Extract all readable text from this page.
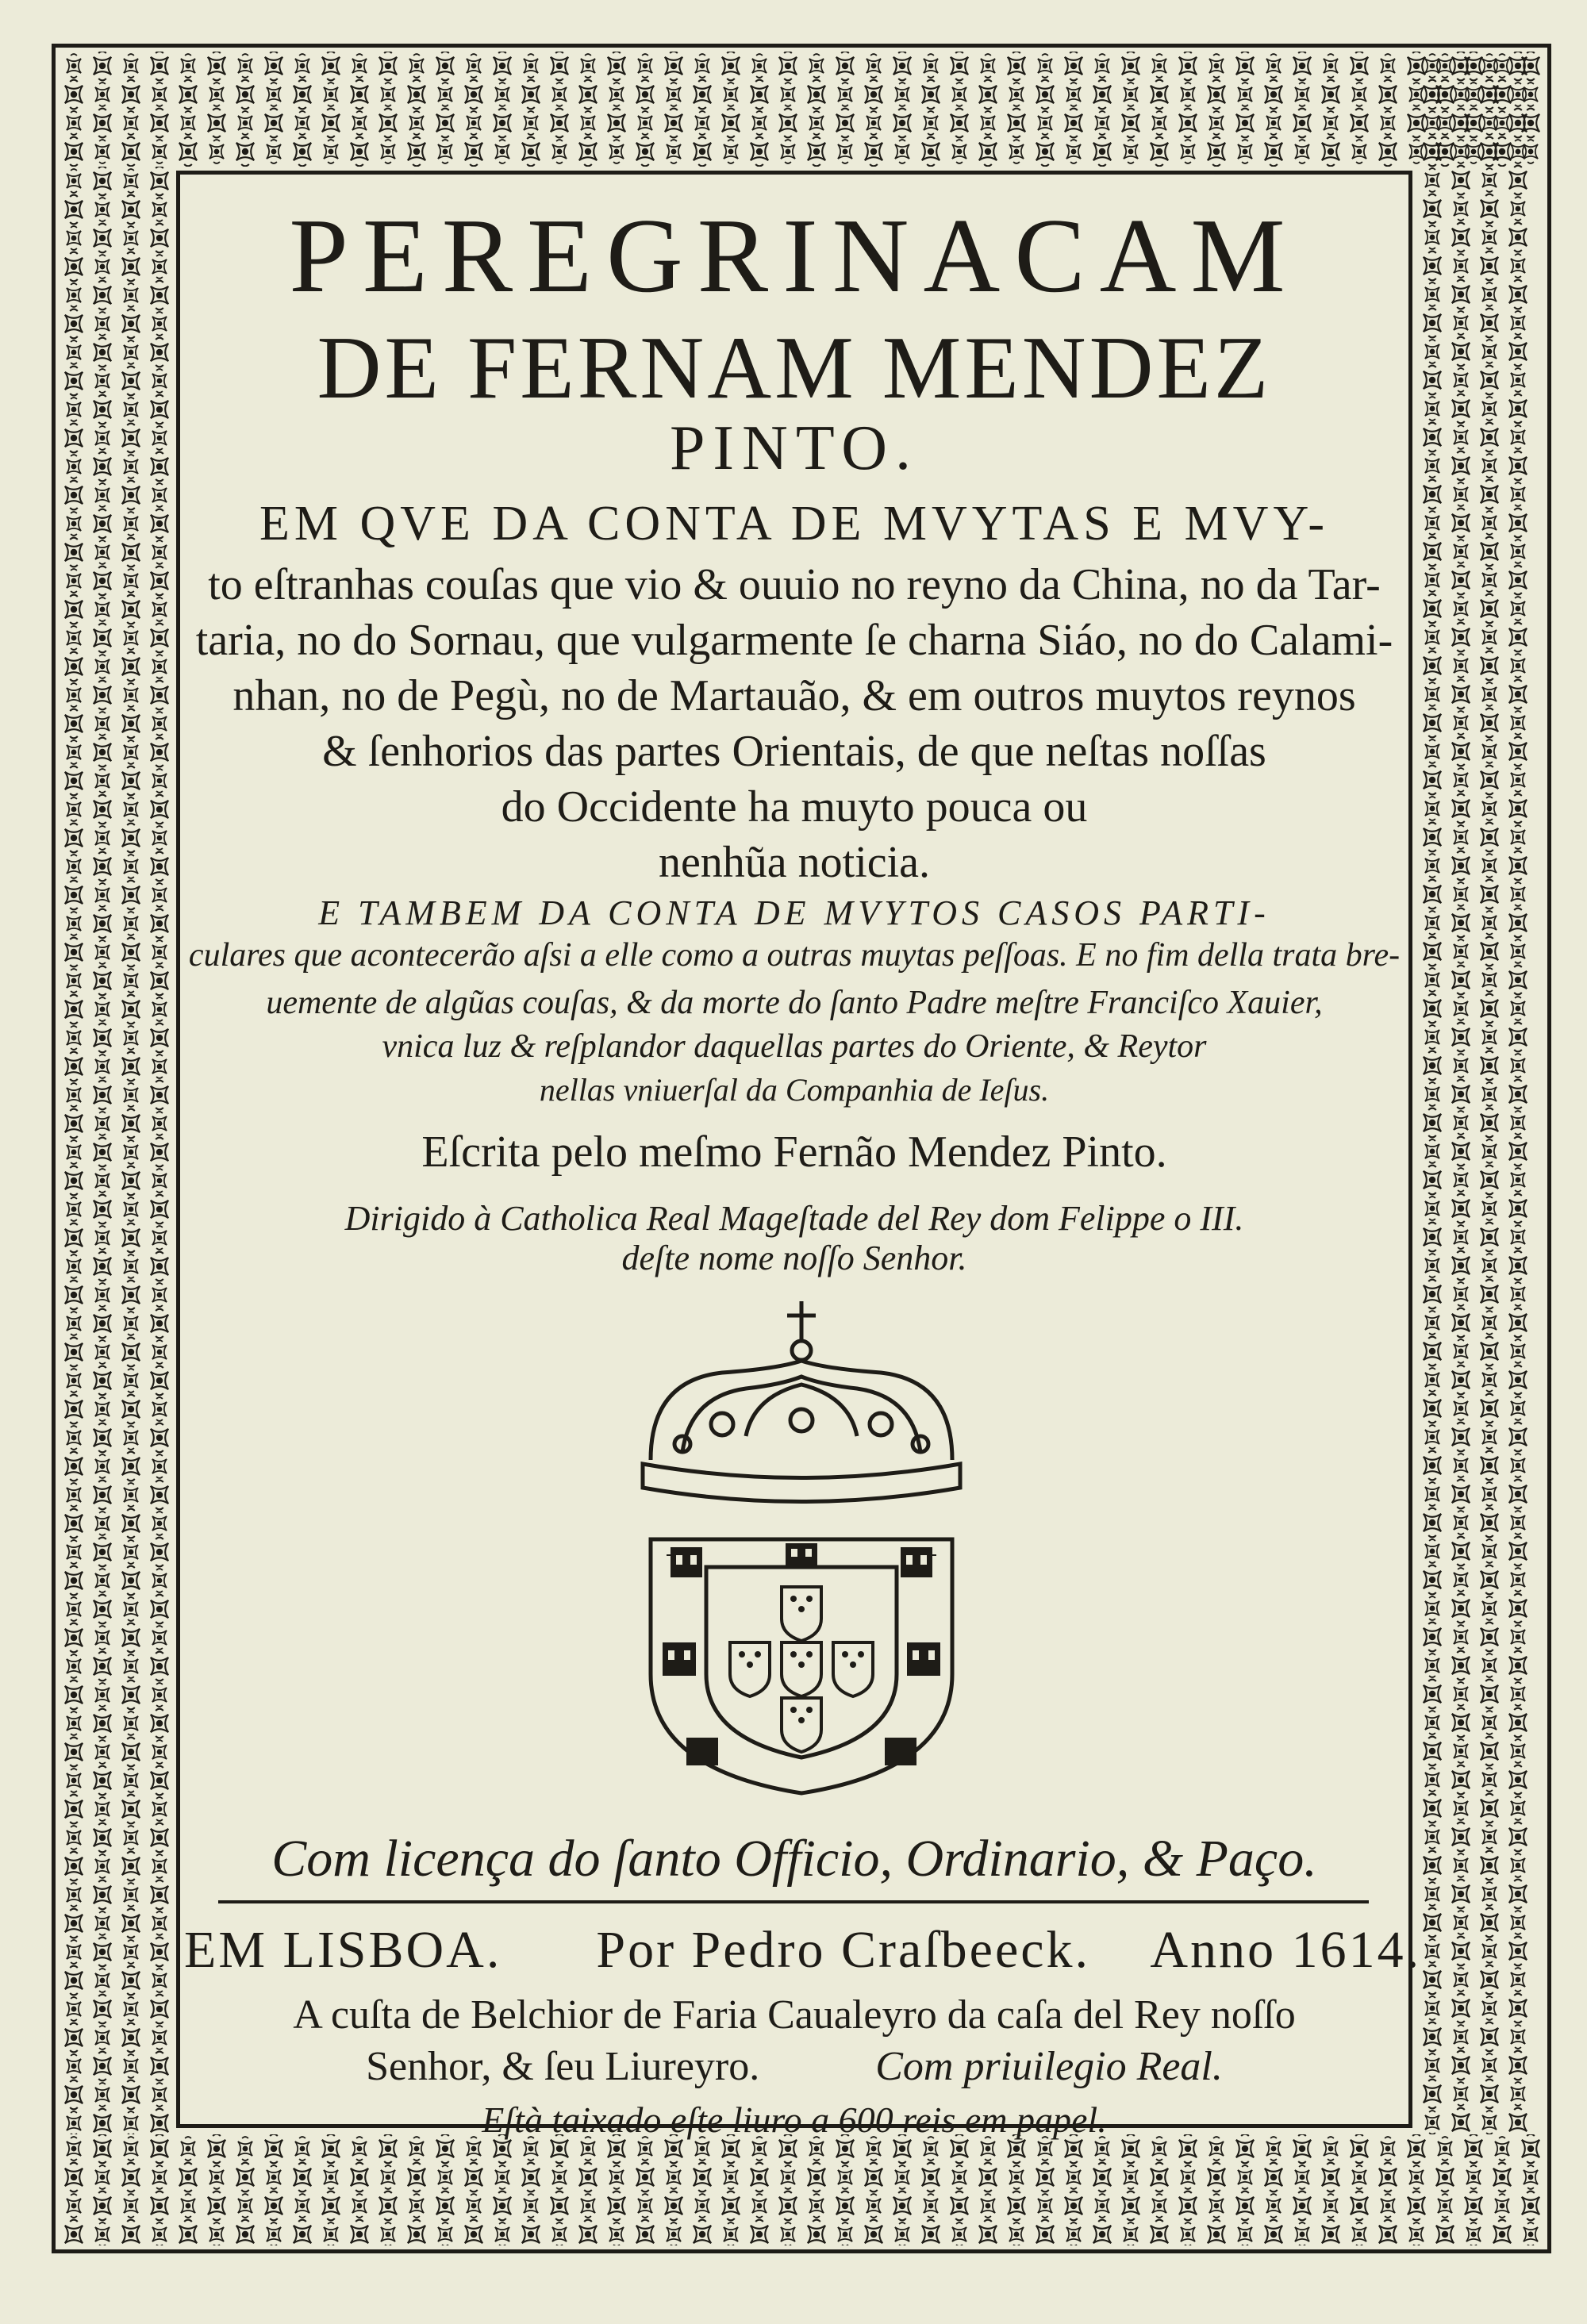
PEREGRINACAM
DE FERNAM MENDEZ
PINTO.
EM QVE DA CONTA DE MVYTAS E MVY-
to eſtranhas couſas que vio & ouuio no reyno da China, no da Tar-
taria, no do Sornau, que vulgarmente ſe charna Siáo, no do Calami-
nhan, no de Pegù, no de Martauão, & em outros muytos reynos
& ſenhorios das partes Orientais, de que neſtas noſſas
do Occidente ha muyto pouca ou
nenhũa noticia.
E TAMBEM DA CONTA DE MVYTOS CASOS PARTI-
culares que acontecerão aſsi a elle como a outras muytas peſſoas. E no fim della trata bre-
uemente de algũas couſas, & da morte do ſanto Padre meſtre Franciſco Xauier,
vnica luz & reſplandor daquellas partes do Oriente, & Reytor
nellas vniuerſal da Companhia de Ieſus.
Eſcrita pelo meſmo Fernão Mendez Pinto.
Dirigido à Catholica Real Mageſtade del Rey dom Felippe o III.
deſte nome noſſo Senhor.
Com licença do ſanto Officio, Ordinario, & Paço.
EM LISBOA. Por Pedro Craſbeeck. Anno 1614.
A cuſta de Belchior de Faria Caualeyro da caſa del Rey noſſo
Senhor, & ſeu Liureyro.	Com priuilegio Real.
Eſtà taixado eſte liuro a 600 reis em papel.
